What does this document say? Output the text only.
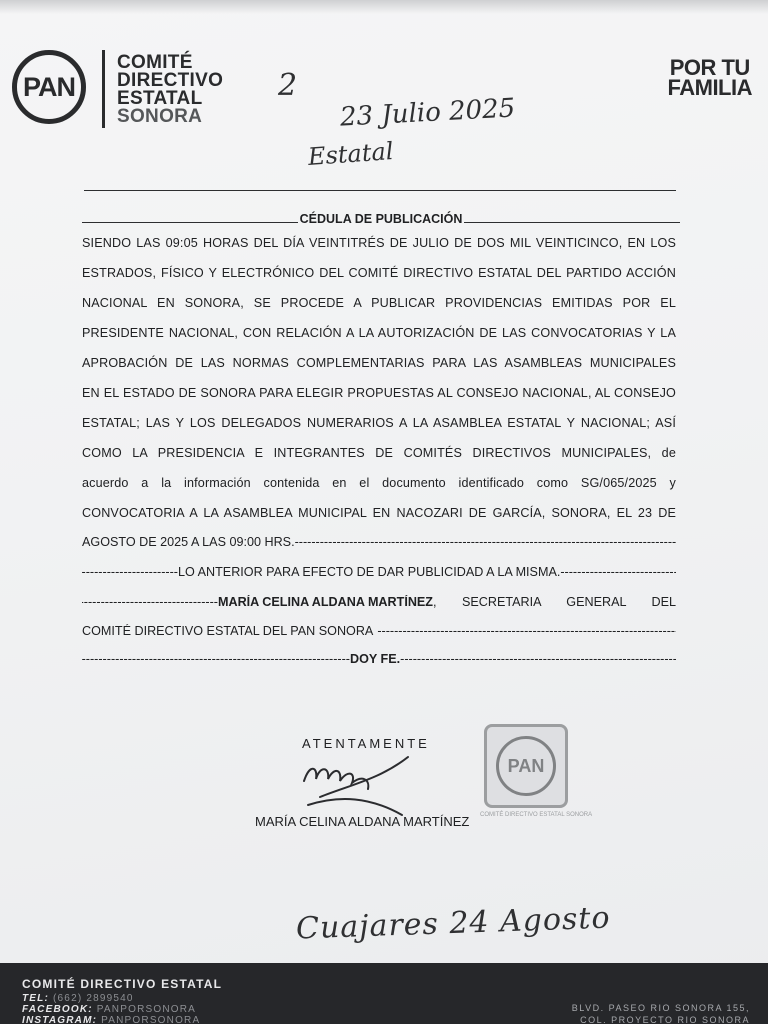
PAN
COMITÉ
DIRECTIVO
ESTATAL
SONORA
POR TU
FAMILIA
2
23 Julio 2025
Estatal
CÉDULA DE PUBLICACIÓN
SIENDO LAS 09:05 HORAS DEL DÍA VEINTITRÉS DE JULIO DE DOS MIL VEINTICINCO, EN LOS
ESTRADOS, FÍSICO Y ELECTRÓNICO DEL COMITÉ DIRECTIVO ESTATAL DEL PARTIDO ACCIÓN
NACIONAL EN SONORA, SE PROCEDE A PUBLICAR PROVIDENCIAS EMITIDAS POR EL
PRESIDENTE NACIONAL, CON RELACIÓN A LA AUTORIZACIÓN DE LAS CONVOCATORIAS Y LA
APROBACIÓN DE LAS NORMAS COMPLEMENTARIAS PARA LAS ASAMBLEAS MUNICIPALES
EN EL ESTADO DE SONORA PARA ELEGIR PROPUESTAS AL CONSEJO NACIONAL, AL CONSEJO
ESTATAL; LAS Y LOS DELEGADOS NUMERARIOS A LA ASAMBLEA ESTATAL Y NACIONAL; ASÍ
COMO LA PRESIDENCIA E INTEGRANTES DE COMITÉS DIRECTIVOS MUNICIPALES, de
acuerdo a la información contenida en el documento identificado como SG/065/2025 y
CONVOCATORIA A LA ASAMBLEA MUNICIPAL EN NACOZARI DE GARCÍA, SONORA, EL 23 DE
AGOSTO DE 2025 A LAS 09:00 HRS.
-----
-----
LO ANTERIOR PARA EFECTO DE DAR PUBLICIDAD A LA MISMA.
-----
-----
MARÍA CELINA ALDANA MARTÍNEZ , SECRETARIA GENERAL DEL
COMITÉ DIRECTIVO ESTATAL DEL PAN SONORA
-----
-----
DOY FE.
-----
ATENTAMENTE
MARÍA CELINA ALDANA MARTÍNEZ
PAN
COMITÉ DIRECTIVO ESTATAL SONORA
Cuajares 24 Agosto
COMITÉ DIRECTIVO ESTATAL
TEL: (662) 2899540
FACEBOOK: PANPORSONORA
INSTAGRAM: PANPORSONORA
BLVD. PASEO RIO SONORA 155,
COL. PROYECTO RIO SONORA
